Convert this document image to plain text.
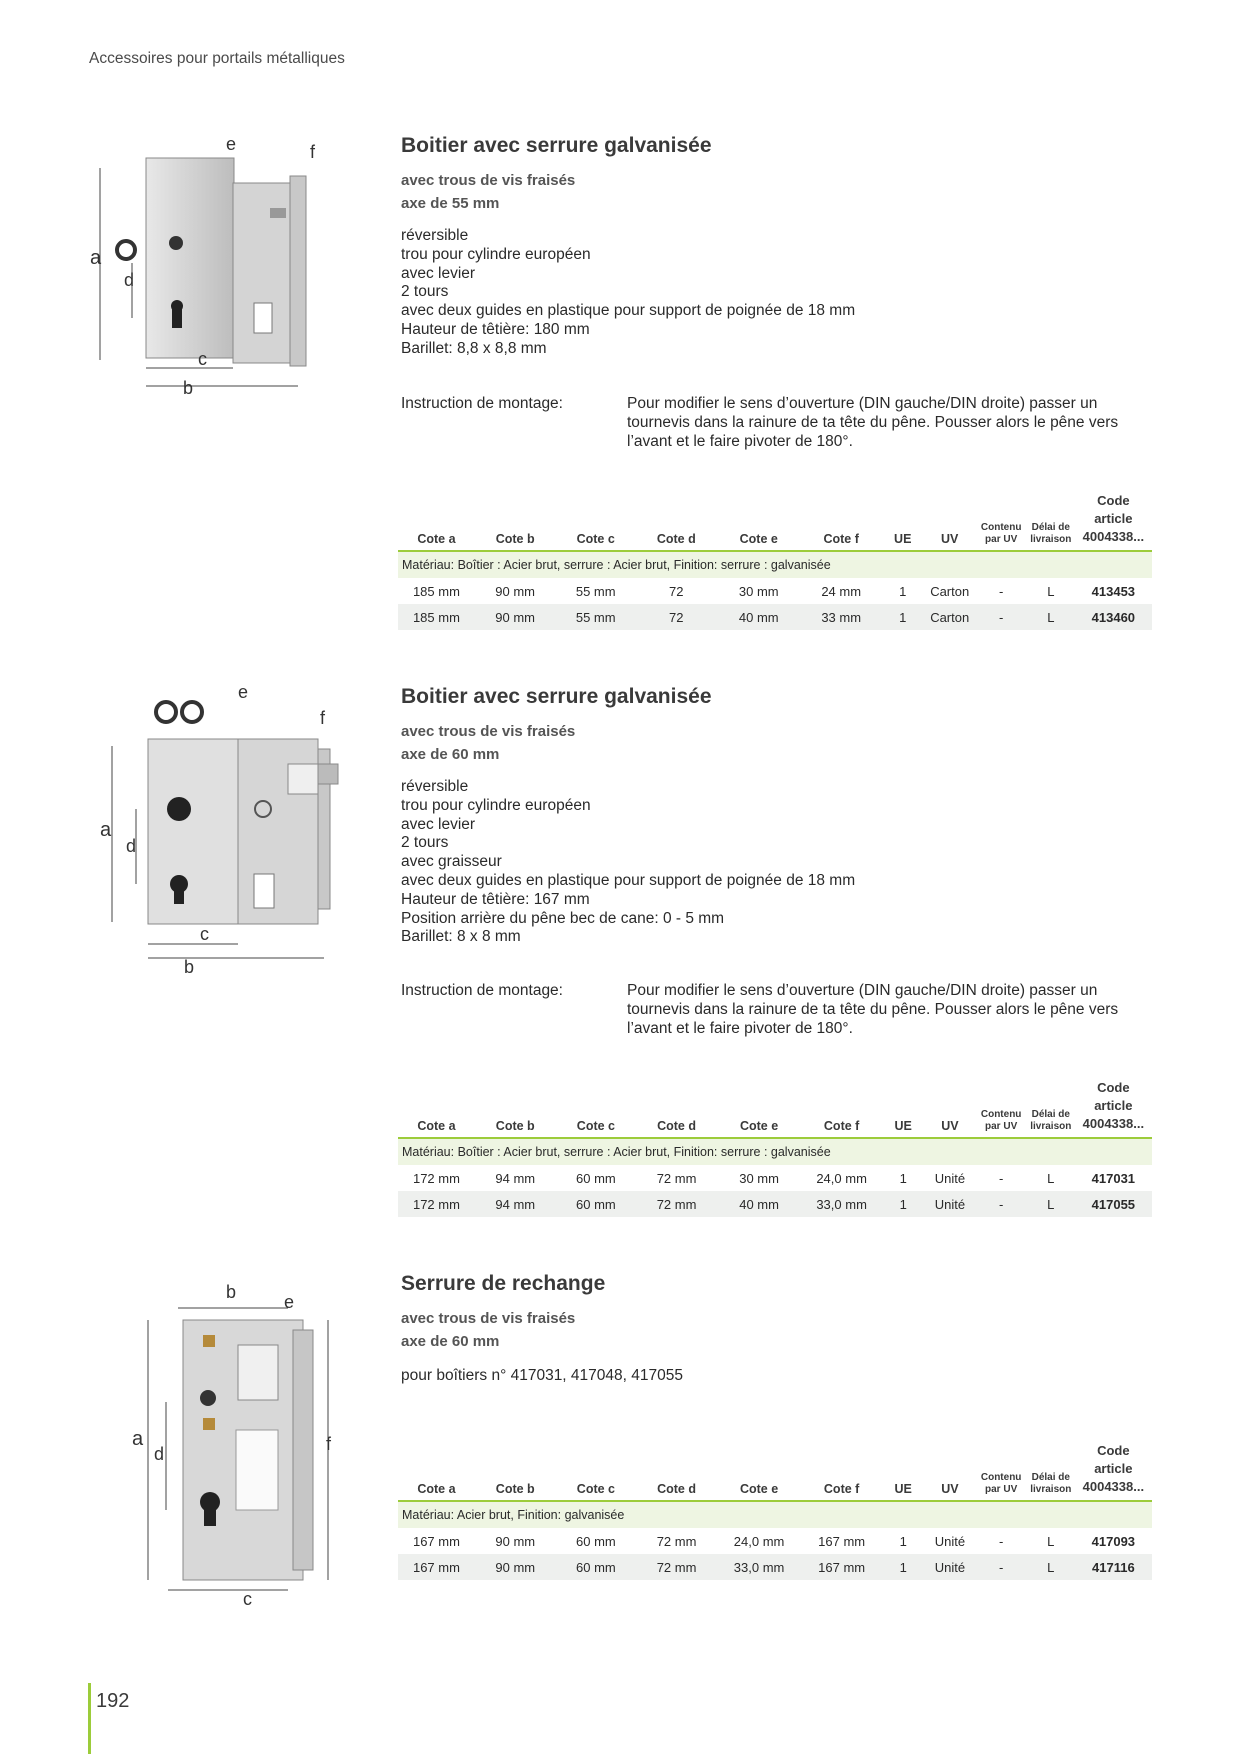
Accessoires pour portails métalliques
a
d
c
b
e	f	Boitier avec serrure galvanisée
avec trous de vis fraisés
axe de 55 mm
réversible
trou pour cylindre européen
avec levier
2 tours
avec deux guides en plastique pour support de poignée de 18 mm
Hauteur de têtière: 180 mm
Barillet: 8,8 x 8,8 mm
Instruction de montage:	Pour modifier le sens d’ouverture (DIN gauche/DIN droite) passer un tournevis dans la rainure de ta tête du pêne. Pousser alors le pêne vers l’avant et le faire pivoter de 180°.
Cote a	Cote b	Cote c	Cote d	Cote e	Cote f	UE	UV	Contenu
par UV	Délai de
livraison	Code article
4004338...
Matériau: Boîtier : Acier brut, serrure : Acier brut, Finition: serrure : galvanisée										
185 mm	90 mm	55 mm	72	30 mm	24 mm	1	Carton	-	L	413453
185 mm	90 mm	55 mm	72	40 mm	33 mm	1	Carton	-	L	413460
a
d
c
b
e
f
Boitier avec serrure galvanisée
avec trous de vis fraisés
axe de 60 mm
réversible
trou pour cylindre européen
avec levier
2 tours
avec graisseur
avec deux guides en plastique pour support de poignée de 18 mm
Hauteur de têtière: 167 mm
Position arrière du pêne bec de cane: 0 - 5 mm
Barillet: 8 x 8 mm
Instruction de montage:	Pour modifier le sens d’ouverture (DIN gauche/DIN droite) passer un tournevis dans la rainure de ta tête du pêne. Pousser alors le pêne vers l’avant et le faire pivoter de 180°.
Cote a	Cote b	Cote c	Cote d	Cote e	Cote f	UE	UV	Contenu
par UV	Délai de
livraison	Code article
4004338...
Matériau: Boîtier : Acier brut, serrure : Acier brut, Finition: serrure : galvanisée										
172 mm	94 mm	60 mm	72 mm	30 mm	24,0 mm	1	Unité	-	L	417031
172 mm	94 mm	60 mm	72 mm	40 mm	33,0 mm	1	Unité	-	L	417055
b	e
a
d	f
c
Serrure de rechange
avec trous de vis fraisés
axe de 60 mm
pour boîtiers n° 417031, 417048, 417055
Cote a	Cote b	Cote c	Cote d	Cote e	Cote f	UE	UV	Contenu
par UV	Délai de
livraison	Code article
4004338...
Matériau: Acier brut, Finition: galvanisée										
167 mm	90 mm	60 mm	72 mm	24,0 mm	167 mm	1	Unité	-	L	417093
167 mm	90 mm	60 mm	72 mm	33,0 mm	167 mm	1	Unité	-	L	417116
192
